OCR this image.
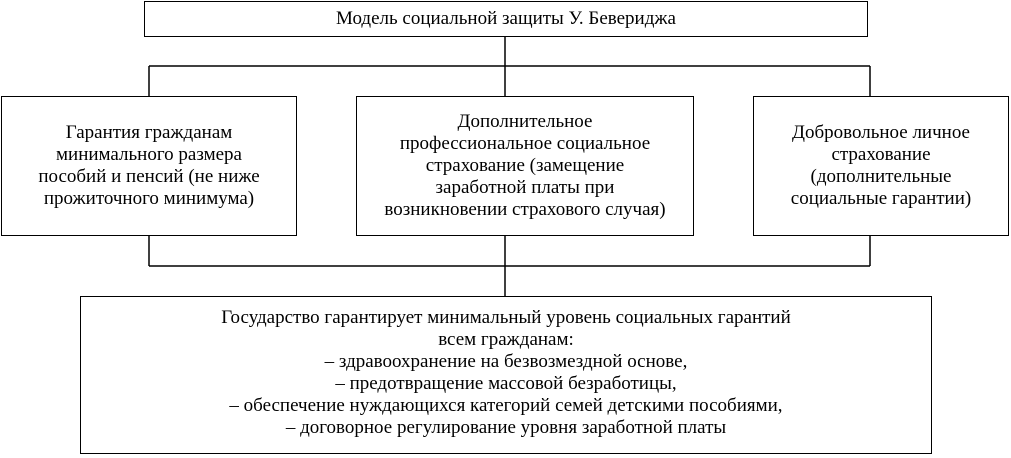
Модель социальной защиты У. Бевериджа
Гарантия гражданам
минимального размера
пособий и пенсий (не ниже
прожиточного минимума)
Дополнительное
профессиональное социальное
страхование (замещение
заработной платы при
возникновении страхового случая)
Добровольное личное
страхование
(дополнительные
социальные гарантии)
Государство гарантирует минимальный уровень социальных гарантий
всем гражданам:
– здравоохранение на безвозмездной основе,
– предотвращение массовой безработицы,
– обеспечение нуждающихся категорий семей детскими пособиями,
– договорное регулирование уровня заработной платы
